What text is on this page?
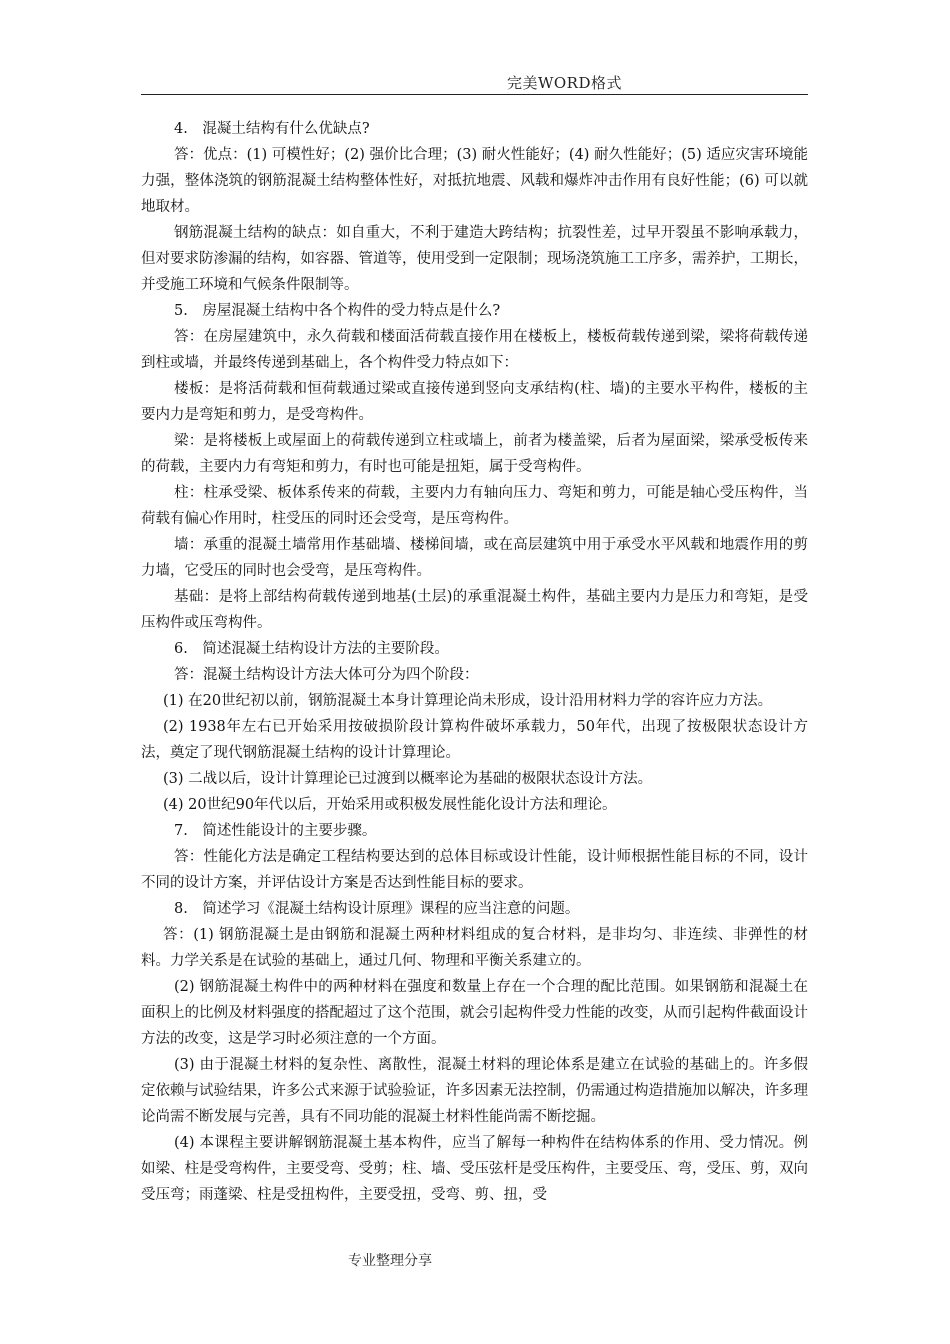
完美WORD格式

4.　混凝土结构有什么优缺点?

答：优点：(1) 可模性好；(2) 强价比合理；(3) 耐火性能好；(4) 耐久性能好；(5) 适应灾害环境能力强，整体浇筑的钢筋混凝土结构整体性好，对抵抗地震、风载和爆炸冲击作用有良好性能；(6) 可以就地取材。

钢筋混凝土结构的缺点：如自重大，不利于建造大跨结构；抗裂性差，过早开裂虽不影响承载力，但对要求防渗漏的结构，如容器、管道等，使用受到一定限制；现场浇筑施工工序多，需养护，工期长，并受施工环境和气候条件限制等。

5.　房屋混凝土结构中各个构件的受力特点是什么?

答：在房屋建筑中，永久荷载和楼面活荷载直接作用在楼板上，楼板荷载传递到梁，梁将荷载传递到柱或墙，并最终传递到基础上，各个构件受力特点如下：

楼板：是将活荷载和恒荷载通过梁或直接传递到竖向支承结构(柱、墙)的主要水平构件，楼板的主要内力是弯矩和剪力，是受弯构件。

梁：是将楼板上或屋面上的荷载传递到立柱或墙上，前者为楼盖梁，后者为屋面梁，梁承受板传来的荷载，主要内力有弯矩和剪力，有时也可能是扭矩，属于受弯构件。

柱：柱承受梁、板体系传来的荷载，主要内力有轴向压力、弯矩和剪力，可能是轴心受压构件，当荷载有偏心作用时，柱受压的同时还会受弯，是压弯构件。

墙：承重的混凝土墙常用作基础墙、楼梯间墙，或在高层建筑中用于承受水平风载和地震作用的剪力墙，它受压的同时也会受弯，是压弯构件。

基础：是将上部结构荷载传递到地基(土层)的承重混凝土构件，基础主要内力是压力和弯矩，是受压构件或压弯构件。

6.　简述混凝土结构设计方法的主要阶段。

答：混凝土结构设计方法大体可分为四个阶段：

(1) 在20世纪初以前，钢筋混凝土本身计算理论尚未形成，设计沿用材料力学的容许应力方法。

(2) 1938年左右已开始采用按破损阶段计算构件破坏承载力，50年代，出现了按极限状态设计方法，奠定了现代钢筋混凝土结构的设计计算理论。

(3) 二战以后，设计计算理论已过渡到以概率论为基础的极限状态设计方法。

(4) 20世纪90年代以后，开始采用或积极发展性能化设计方法和理论。

7.　简述性能设计的主要步骤。

答：性能化方法是确定工程结构要达到的总体目标或设计性能，设计师根据性能目标的不同，设计不同的设计方案，并评估设计方案是否达到性能目标的要求。

8.　简述学习《混凝土结构设计原理》课程的应当注意的问题。

答：(1) 钢筋混凝土是由钢筋和混凝土两种材料组成的复合材料，是非均匀、非连续、非弹性的材料。力学关系是在试验的基础上，通过几何、物理和平衡关系建立的。

(2) 钢筋混凝土构件中的两种材料在强度和数量上存在一个合理的配比范围。如果钢筋和混凝土在面积上的比例及材料强度的搭配超过了这个范围，就会引起构件受力性能的改变，从而引起构件截面设计方法的改变，这是学习时必须注意的一个方面。

(3) 由于混凝土材料的复杂性、离散性，混凝土材料的理论体系是建立在试验的基础上的。许多假定依赖与试验结果，许多公式来源于试验验证，许多因素无法控制，仍需通过构造措施加以解决，许多理论尚需不断发展与完善，具有不同功能的混凝土材料性能尚需不断挖掘。

(4) 本课程主要讲解钢筋混凝土基本构件，应当了解每一种构件在结构体系的作用、受力情况。例如梁、柱是受弯构件，主要受弯、受剪；柱、墙、受压弦杆是受压构件，主要受压、弯，受压、剪，双向受压弯；雨蓬梁、柱是受扭构件，主要受扭，受弯、剪、扭，受

专业整理分享
